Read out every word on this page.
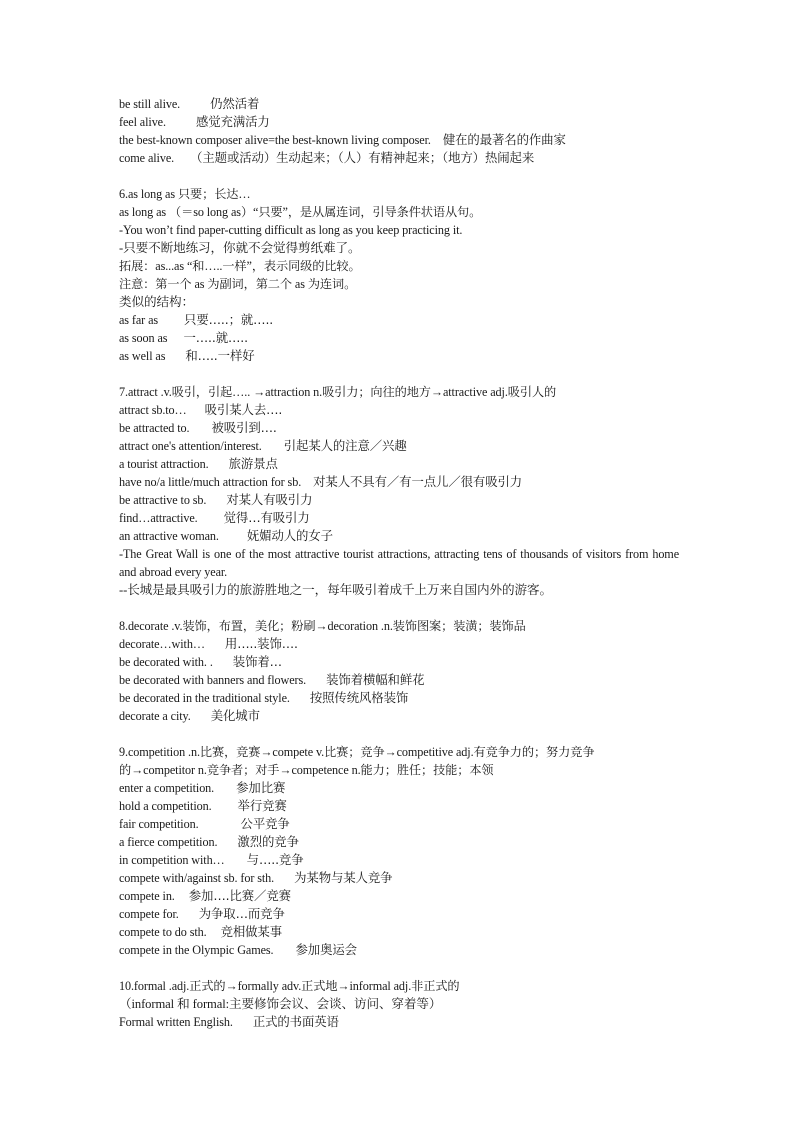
be still alive. 仍然活着
feel alive. 感觉充满活力
the best-known composer alive=the best-known living composer. 健在的最著名的作曲家
come alive. （主题或活动）生动起来；（人）有精神起来；（地方）热闹起来
6.as long as 只要；长达…
as long as （＝so long as）“只要”，是从属连词，引导条件状语从句。
-You won’t find paper-cutting difficult as long as you keep practicing it.
-只要不断地练习，你就不会觉得剪纸难了。
拓展：as...as “和…..一样”，表示同级的比较。
注意：第一个 as 为副词，第二个 as 为连词。
类似的结构：
as far as 只要…..；就…..
as soon as 一…..就…..
as well as 和…..一样好
7.attract .v.吸引，引起….. →attraction n.吸引力；向往的地方→attractive adj.吸引人的
attract sb.to… 吸引某人去….
be attracted to. 被吸引到….
attract one's attention/interest. 引起某人的注意／兴趣
a tourist attraction. 旅游景点
have no/a little/much attraction for sb. 对某人不具有／有一点儿／很有吸引力
be attractive to sb. 对某人有吸引力
find…attractive. 觉得…有吸引力
an attractive woman. 妩媚动人的女子
-The Great Wall is one of the most attractive tourist attractions, attracting tens of thousands of visitors from home and abroad every year.
--长城是最具吸引力的旅游胜地之一，每年吸引着成千上万来自国内外的游客。
8.decorate .v.装饰，布置，美化；粉刷→decoration .n.装饰图案；装潢；装饰品
decorate…with… 用…..装饰….
be decorated with. . 装饰着…
be decorated with banners and flowers. 装饰着横幅和鲜花
be decorated in the traditional style. 按照传统风格装饰
decorate a city. 美化城市
9.competition .n.比赛，竞赛→compete v.比赛；竞争→competitive adj.有竞争力的；努力竞争
的→competitor n.竞争者；对手→competence n.能力；胜任；技能；本领
enter a competition. 参加比赛
hold a competition. 举行竞赛
fair competition.	公平竞争
a fierce competition. 激烈的竞争
in competition with… 与…..竞争
compete with/against sb. for sth. 为某物与某人竞争
compete in. 参加….比赛／竞赛
compete for. 为争取…而竞争
compete to do sth. 竞相做某事
compete in the Olympic Games. 参加奥运会
10.formal .adj.正式的→formally adv.正式地→informal adj.非正式的
（informal 和 formal:主要修饰会议、会谈、访问、穿着等）
Formal written English. 正式的书面英语
